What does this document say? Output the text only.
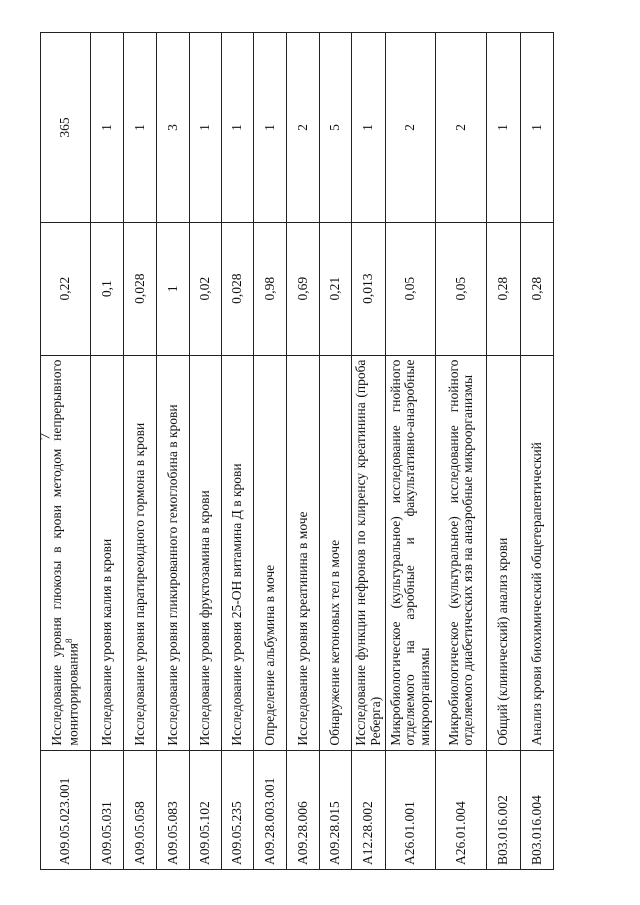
7
А09.05.023.001	Исследование уровня глюкозы в крови методом непрерывного мониторирования$^8$	0,22	365
А09.05.031	Исследование уровня калия в крови	0,1	1
А09.05.058	Исследование уровня паратиреоидного гормона в крови	0,028	1
А09.05.083	Исследование уровня гликированного гемоглобина в крови	1	3
А09.05.102	Исследование уровня фруктозамина в крови	0,02	1
А09.05.235	Исследование уровня 25-ОН витамина Д в крови	0,028	1
А09.28.003.001	Определение альбумина в моче	0,98	1
А09.28.006	Исследование уровня креатинина в моче	0,69	2
А09.28.015	Обнаружение кетоновых тел в моче	0,21	5
А12.28.002	Исследование функции нефронов по клиренсу креатинина (проба Реберга)	0,013	1
А26.01.001	Микробиологическое (культуральное) исследование гнойного отделяемого на аэробные и факультативно-анаэробные микроорганизмы	0,05	2
А26.01.004	Микробиологическое (культуральное) исследование гнойного отделяемого диабетических язв на анаэробные микроорганизмы	0,05	2
В03.016.002	Общий (клинический) анализ крови	0,28	1
В03.016.004	Анализ крови биохимический общетерапевтический	0,28	1
